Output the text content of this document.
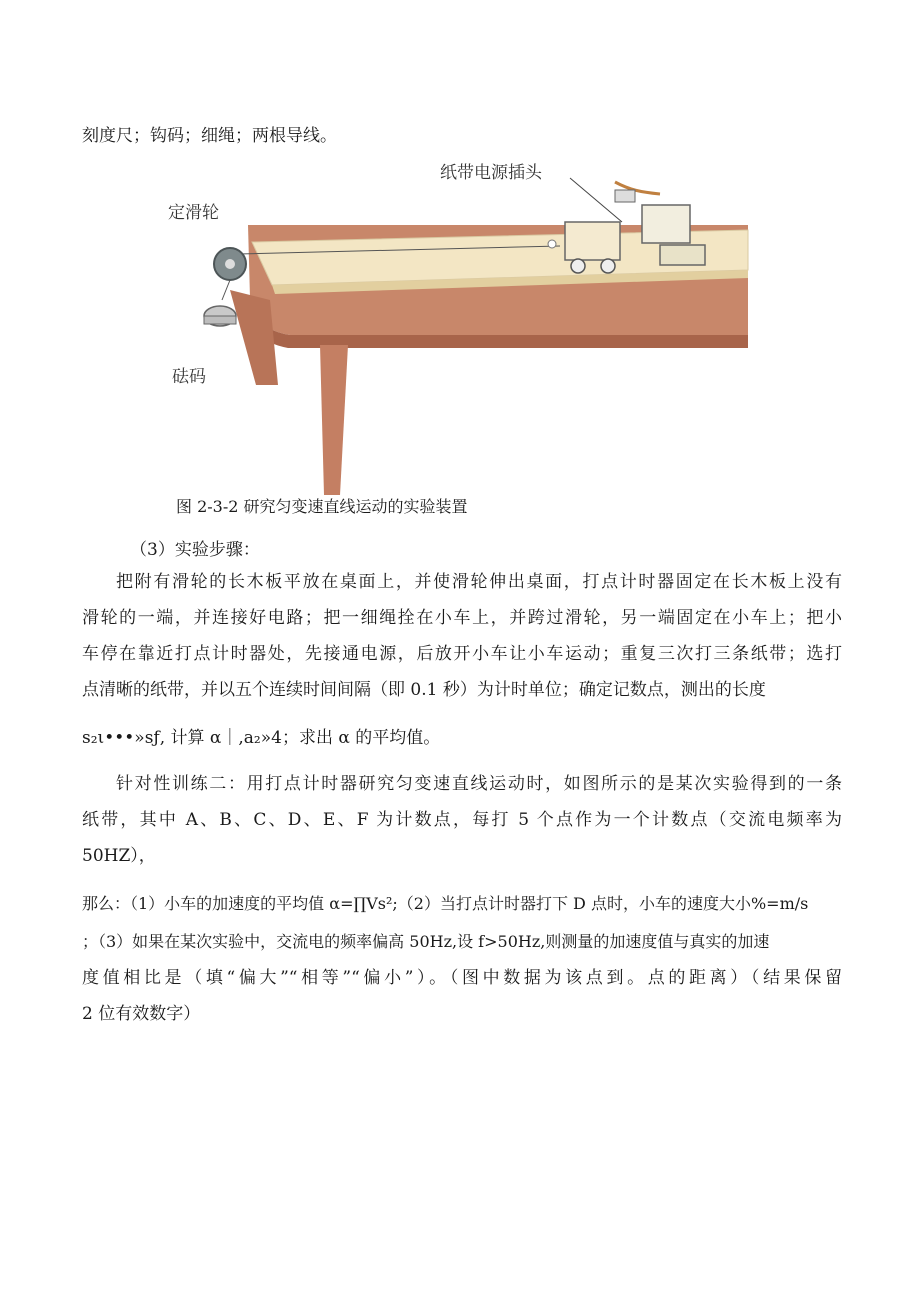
刻度尺；钩码；细绳；两根导线。
纸带电源插头
定滑轮
砝码
图 2-3-2 研究匀变速直线运动的实验装置
（3）实验步骤：
把附有滑轮的长木板平放在桌面上，并使滑轮伸出桌面，打点计时器固定在长木板上没有
滑轮的一端，并连接好电路；把一细绳拴在小车上，并跨过滑轮，另一端固定在小车上；把小
车停在靠近打点计时器处，先接通电源，后放开小车让小车运动；重复三次打三条纸带；选打
点清晰的纸带，并以五个连续时间间隔（即 0.1 秒）为计时单位；确定记数点，测出的长度
s₂ι•••»sƒ, 计算 α｜,a₂»4；求出 α 的平均值。
针对性训练二：用打点计时器研究匀变速直线运动时，如图所示的是某次实验得到的一条
纸带，其中 A、B、C、D、E、F 为计数点，每打 5 个点作为一个计数点（交流电频率为
50HZ），
那么：（1）小车的加速度的平均值 α=∏Vs²;（2）当打点计时器打下 D 点时，小车的速度大小%=m/s
；（3）如果在某次实验中，交流电的频率偏高 50Hz,设 f>50Hz,则测量的加速度值与真实的加速
度值相比是（填“偏大”“相等”“偏小”）。（图中数据为该点到。点的距离）（结果保留
2 位有效数字）
